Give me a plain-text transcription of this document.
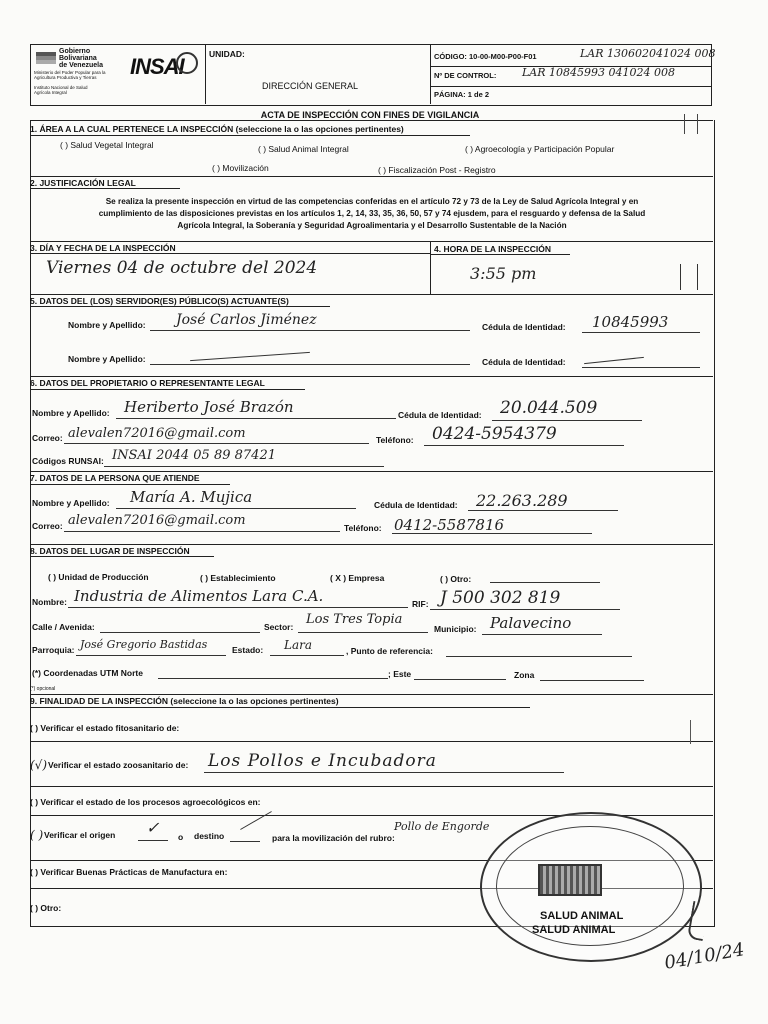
Gobierno
Bolivariana
de Venezuela
Ministerio del Poder Popular para la Agricultura Productiva y Tierras
Instituto Nacional de Salud Agrícola Integral
INSAI	UNIDAD:
DIRECCIÓN GENERAL
CÓDIGO: 10-00-M00-P00-F01	LAR 130602041024 008
Nº DE CONTROL: LAR 10845993 041024 008
PÁGINA: 1 de 2
ACTA DE INSPECCIÓN CON FINES DE VIGILANCIA
1. ÁREA A LA CUAL PERTENECE LA INSPECCIÓN (seleccione la o las opciones pertinentes)
( ) Salud Vegetal Integral	( ) Salud Animal Integral	( ) Agroecología y Participación Popular
( ) Movilización	( ) Fiscalización Post - Registro
2. JUSTIFICACIÓN LEGAL
Se realiza la presente inspección en virtud de las competencias conferidas en el artículo 72 y 73 de la Ley de Salud Agrícola Integral y en
cumplimiento de las disposiciones previstas en los artículos 1, 2, 14, 33, 35, 36, 50, 57 y 74 ejusdem, para el resguardo y defensa de la Salud
Agrícola Integral, la Soberanía y Seguridad Agroalimentaria y el Desarrollo Sustentable de la Nación
3. DÍA Y FECHA DE LA INSPECCIÓN	4. HORA DE LA INSPECCIÓN
Viernes 04 de octubre del 2024	3:55 pm
5. DATOS DEL (LOS) SERVIDOR(ES) PÚBLICO(S) ACTUANTE(S)
Nombre y Apellido: José Carlos Jiménez	Cédula de Identidad: 10845993
Nombre y Apellido:	Cédula de Identidad:
6. DATOS DEL PROPIETARIO O REPRESENTANTE LEGAL
Nombre y Apellido: Heriberto José Brazón	Cédula de Identidad: 20.044.509
Correo: alevalen72016@gmail.com	Teléfono: 0424-5954379
Códigos RUNSAI: INSAI 2044 05 89 87421
7. DATOS DE LA PERSONA QUE ATIENDE
Nombre y Apellido: María A. Mujica	Cédula de Identidad: 22.263.289
Correo: alevalen72016@gmail.com	Teléfono: 0412-5587816
8. DATOS DEL LUGAR DE INSPECCIÓN
( ) Unidad de Producción	( ) Establecimiento	( X ) Empresa	( ) Otro:
Nombre: Industria de Alimentos Lara C.A.	RIF: J 500 302 819
Calle / Avenida:	Sector: Los Tres Topia
Municipio: Palavecino
Parroquia: José Gregorio Bastidas	Estado: Lara	, Punto de referencia:
(*) Coordenadas UTM Norte	; Este	Zona
(*) opcional
9. FINALIDAD DE LA INSPECCIÓN (seleccione la o las opciones pertinentes)
( ) Verificar el estado fitosanitario de:
(√) Verificar el estado zoosanitario de: Los Pollos e Incubadora
( ) Verificar el estado de los procesos agroecológicos en:
( ) Verificar el origen ✓ o destino	para la movilización del rubro:
Pollo de Engorde
( ) Verificar Buenas Prácticas de Manufactura en:
( ) Otro:
SALUD ANIMAL
SALUD ANIMAL
04/10/24
